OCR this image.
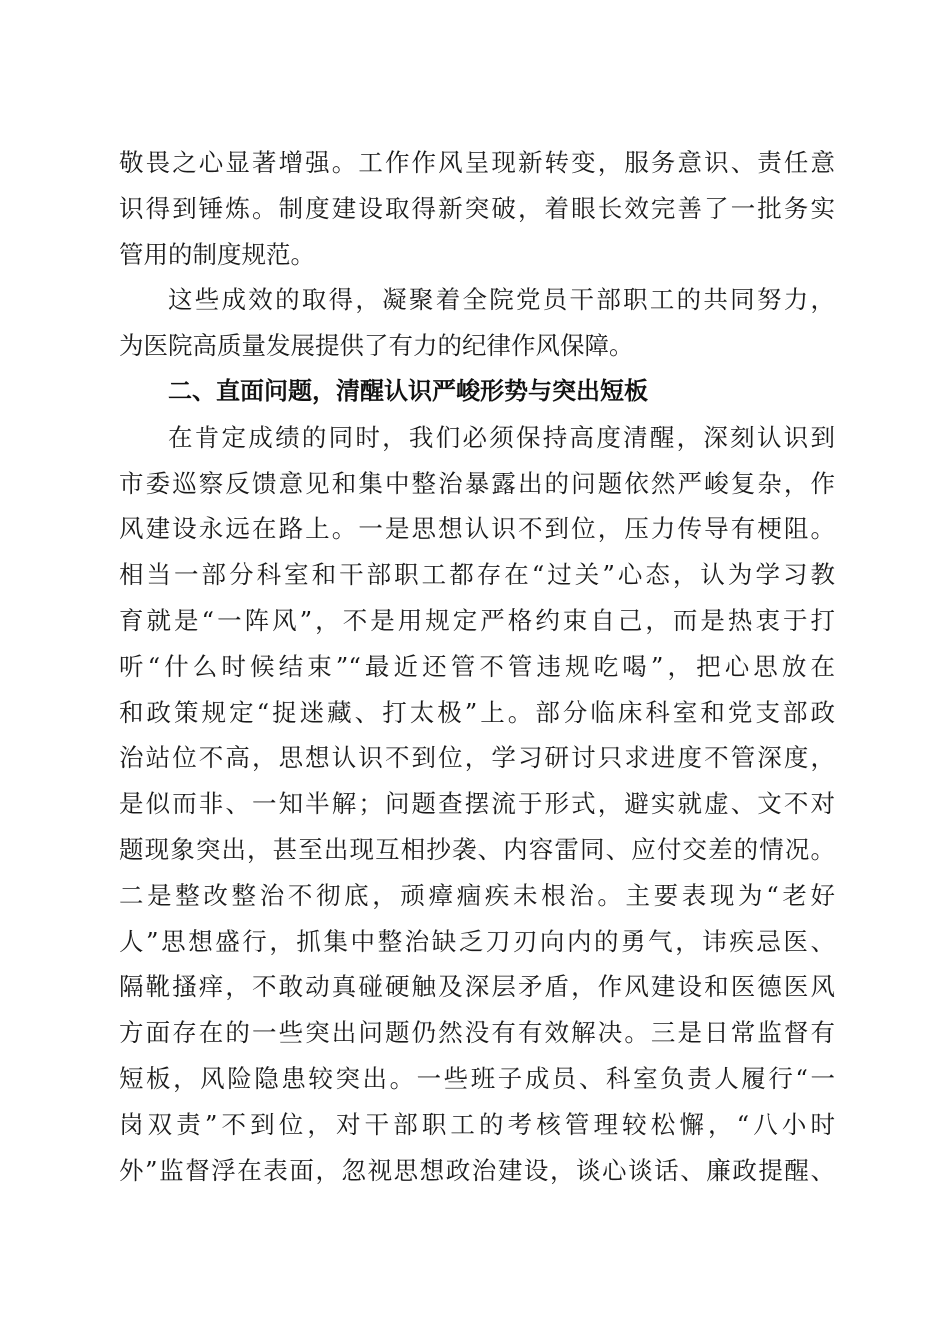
敬畏之心显著增强。工作作风呈现新转变，服务意识、责任意
识得到锤炼。制度建设取得新突破，着眼长效完善了一批务实
管用的制度规范。
这些成效的取得，凝聚着全院党员干部职工的共同努力，
为医院高质量发展提供了有力的纪律作风保障。
二、直面问题，清醒认识严峻形势与突出短板
在肯定成绩的同时，我们必须保持高度清醒，深刻认识到
市委巡察反馈意见和集中整治暴露出的问题依然严峻复杂，作
风建设永远在路上。一是思想认识不到位，压力传导有梗阻。
相当一部分科室和干部职工都存在“过关”心态，认为学习教
育就是“一阵风”，不是用规定严格约束自己，而是热衷于打
听“什么时候结束”“最近还管不管违规吃喝”，把心思放在
和政策规定“捉迷藏、打太极”上。部分临床科室和党支部政
治站位不高，思想认识不到位，学习研讨只求进度不管深度，
是似而非、一知半解；问题查摆流于形式，避实就虚、文不对
题现象突出，甚至出现互相抄袭、内容雷同、应付交差的情况。
二是整改整治不彻底，顽瘴痼疾未根治。主要表现为“老好
人”思想盛行，抓集中整治缺乏刀刃向内的勇气，讳疾忌医、
隔靴搔痒，不敢动真碰硬触及深层矛盾，作风建设和医德医风
方面存在的一些突出问题仍然没有有效解决。三是日常监督有
短板，风险隐患较突出。一些班子成员、科室负责人履行“一
岗双责”不到位，对干部职工的考核管理较松懈，“八小时
外”监督浮在表面，忽视思想政治建设，谈心谈话、廉政提醒、
